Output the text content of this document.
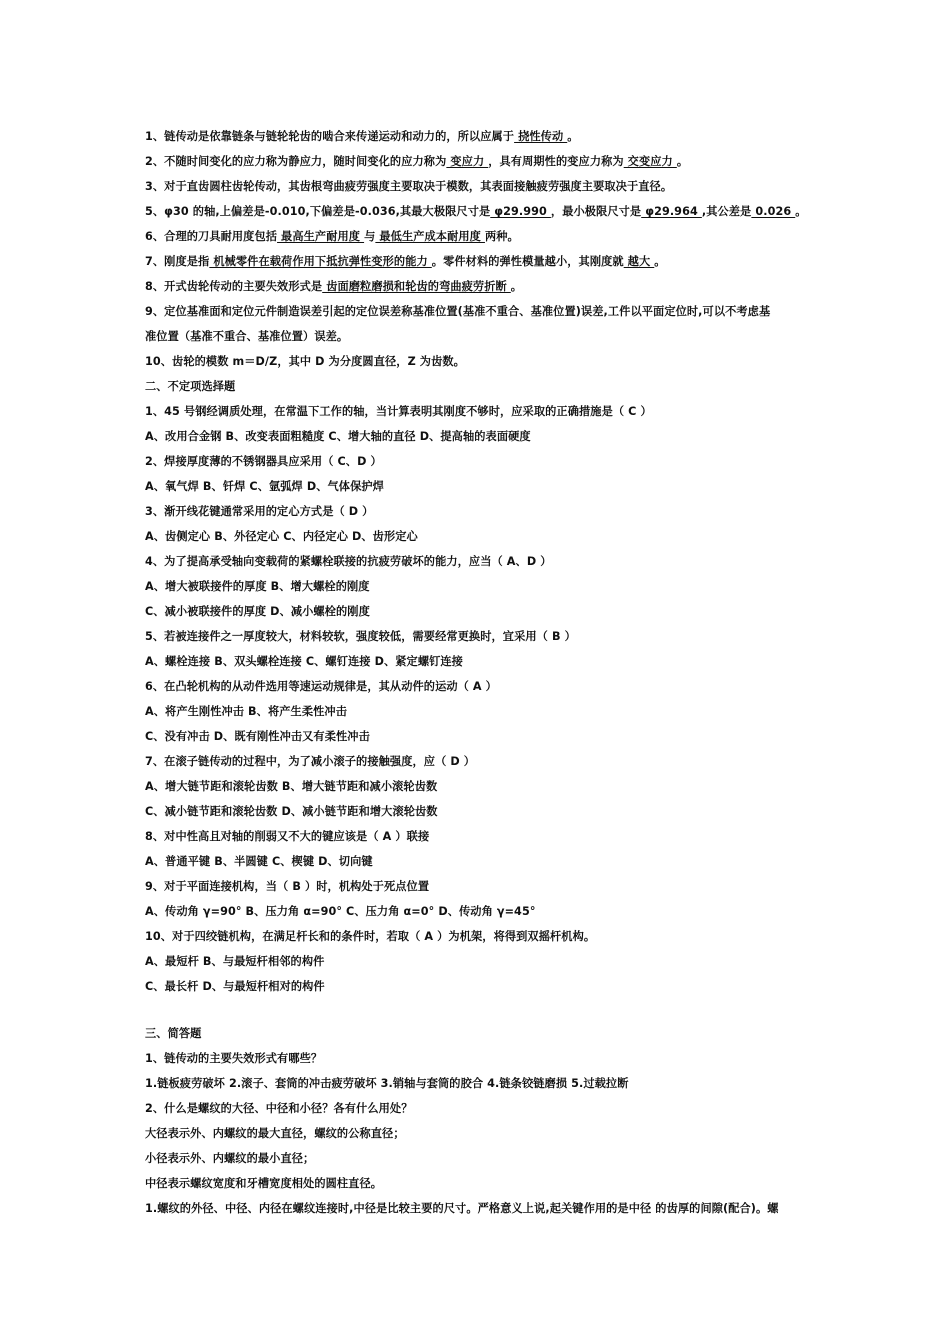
1、链传动是依靠链条与链轮轮齿的啮合来传递运动和动力的，所以应属于 挠性传动 。
2、不随时间变化的应力称为静应力，随时间变化的应力称为 变应力 ，具有周期性的变应力称为 交变应力 。
3、对于直齿圆柱齿轮传动，其齿根弯曲疲劳强度主要取决于模数，其表面接触疲劳强度主要取决于直径。
5、φ30 的轴,上偏差是-0.010,下偏差是-0.036,其最大极限尺寸是 φ29.990 ，最小极限尺寸是 φ29.964 ,其公差是 0.026 。
6、合理的刀具耐用度包括 最高生产耐用度 与 最低生产成本耐用度 两种。
7、刚度是指 机械零件在载荷作用下抵抗弹性变形的能力 。零件材料的弹性模量越小，其刚度就 越大 。
8、开式齿轮传动的主要失效形式是 齿面磨粒磨损和轮齿的弯曲疲劳折断 。
9、定位基准面和定位元件制造误差引起的定位误差称基准位置(基准不重合、基准位置)误差,工件以平面定位时,可以不考虑基
准位置（基准不重合、基准位置）误差。
10、齿轮的模数 m＝D/Z，其中 D 为分度圆直径，Z 为齿数。
二、不定项选择题
1、45 号钢经调质处理，在常温下工作的轴，当计算表明其刚度不够时，应采取的正确措施是（ C ）
A、改用合金钢 B、改变表面粗糙度 C、增大轴的直径 D、提高轴的表面硬度
2、焊接厚度薄的不锈钢器具应采用（ C、D ）
A、氧气焊 B、钎焊 C、氩弧焊 D、气体保护焊
3、渐开线花键通常采用的定心方式是（ D ）
A、齿侧定心 B、外径定心 C、内径定心 D、齿形定心
4、为了提高承受轴向变载荷的紧螺栓联接的抗疲劳破坏的能力，应当（ A、D ）
A、增大被联接件的厚度 B、增大螺栓的刚度
C、减小被联接件的厚度 D、减小螺栓的刚度
5、若被连接件之一厚度较大，材料较软，强度较低，需要经常更换时，宜采用（ B ）
A、螺栓连接 B、双头螺栓连接 C、螺钉连接 D、紧定螺钉连接
6、在凸轮机构的从动件选用等速运动规律是，其从动件的运动（ A ）
A、将产生刚性冲击 B、将产生柔性冲击
C、没有冲击 D、既有刚性冲击又有柔性冲击
7、在滚子链传动的过程中，为了减小滚子的接触强度，应（ D ）
A、增大链节距和滚轮齿数 B、增大链节距和减小滚轮齿数
C、减小链节距和滚轮齿数 D、减小链节距和增大滚轮齿数
8、对中性高且对轴的削弱又不大的键应该是（ A ）联接
A、普通平键 B、半圆键 C、楔键 D、切向键
9、对于平面连接机构，当（ B ）时，机构处于死点位置
A、传动角 γ=90° B、压力角 α=90° C、压力角 α=0° D、传动角 γ=45°
10、对于四绞链机构，在满足杆长和的条件时，若取（ A ）为机架，将得到双摇杆机构。
A、最短杆 B、与最短杆相邻的构件
C、最长杆 D、与最短杆相对的构件
三、简答题
1、链传动的主要失效形式有哪些？
1.链板疲劳破坏 2.滚子、套筒的冲击疲劳破坏 3.销轴与套筒的胶合 4.链条铰链磨损 5.过载拉断
2、什么是螺纹的大径、中径和小径？各有什么用处？
大径表示外、内螺纹的最大直径，螺纹的公称直径；
小径表示外、内螺纹的最小直径；
中径表示螺纹宽度和牙槽宽度相处的圆柱直径。
1.螺纹的外径、中径、内径在螺纹连接时,中径是比较主要的尺寸。严格意义上说,起关键作用的是中径 的齿厚的间隙(配合)。螺
